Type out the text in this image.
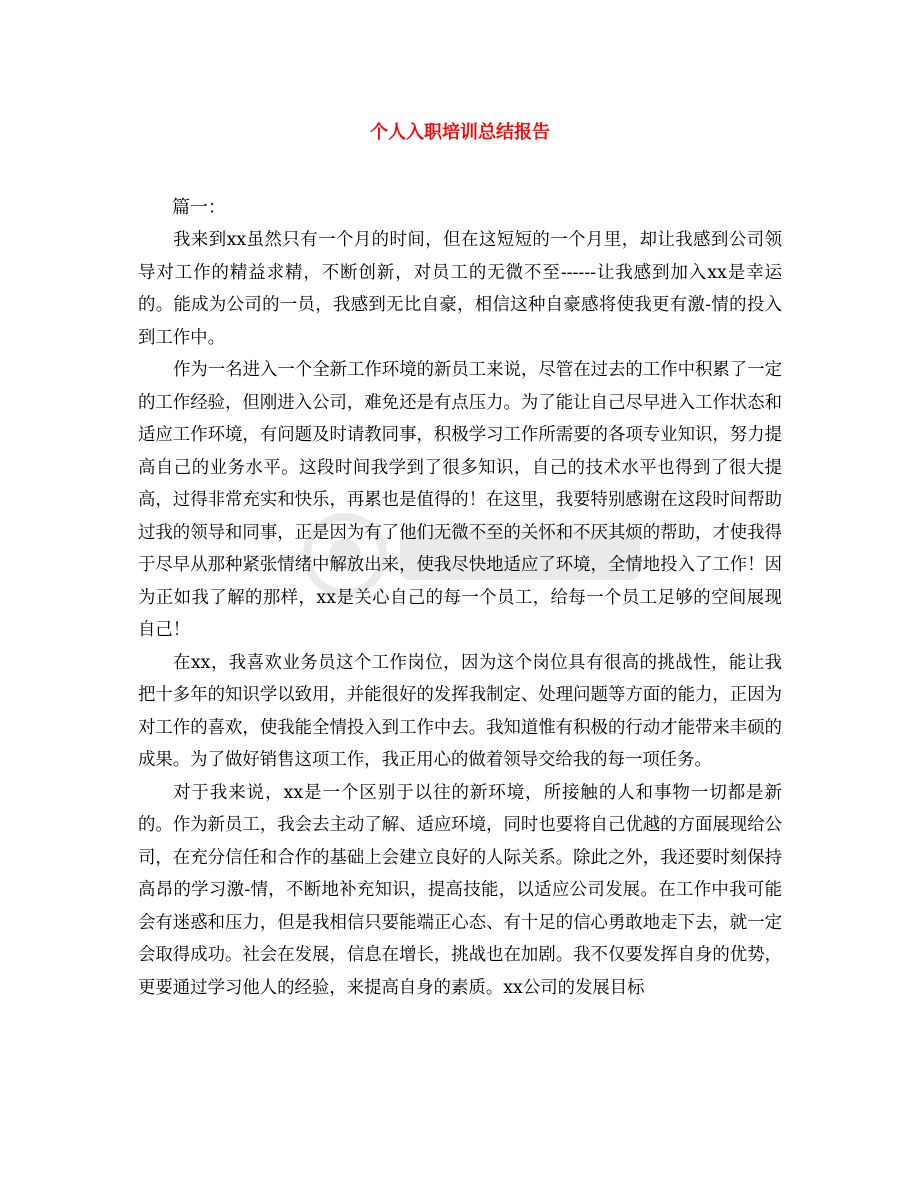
个人入职培训总结报告
篇一：

我来到xx虽然只有一个月的时间，但在这短短的一个月里，却让我感到公司领导对工作的精益求精，不断创新，对员工的无微不至------让我感到加入xx是幸运的。能成为公司的一员，我感到无比自豪，相信这种自豪感将使我更有激-情的投入到工作中。

作为一名进入一个全新工作环境的新员工来说，尽管在过去的工作中积累了一定的工作经验，但刚进入公司，难免还是有点压力。为了能让自己尽早进入工作状态和适应工作环境，有问题及时请教同事，积极学习工作所需要的各项专业知识，努力提高自己的业务水平。这段时间我学到了很多知识，自己的技术水平也得到了很大提高，过得非常充实和快乐，再累也是值得的！在这里，我要特别感谢在这段时间帮助过我的领导和同事，正是因为有了他们无微不至的关怀和不厌其烦的帮助，才使我得于尽早从那种紧张情绪中解放出来，使我尽快地适应了环境，全情地投入了工作！因为正如我了解的那样，xx是关心自己的每一个员工，给每一个员工足够的空间展现自己！

在xx，我喜欢业务员这个工作岗位，因为这个岗位具有很高的挑战性，能让我把十多年的知识学以致用，并能很好的发挥我制定、处理问题等方面的能力，正因为对工作的喜欢，使我能全情投入到工作中去。我知道惟有积极的行动才能带来丰硕的成果。为了做好销售这项工作，我正用心的做着领导交给我的每一项任务。

对于我来说，xx是一个区别于以往的新环境，所接触的人和事物一切都是新的。作为新员工，我会去主动了解、适应环境，同时也要将自己优越的方面展现给公司，在充分信任和合作的基础上会建立良好的人际关系。除此之外，我还要时刻保持高昂的学习激-情，不断地补充知识，提高技能，以适应公司发展。在工作中我可能会有迷惑和压力，但是我相信只要能端正心态、有十足的信心勇敢地走下去，就一定会取得成功。社会在发展，信息在增长，挑战也在加剧。我不仅要发挥自身的优势，更要通过学习他人的经验，来提高自身的素质。xx公司的发展目标
